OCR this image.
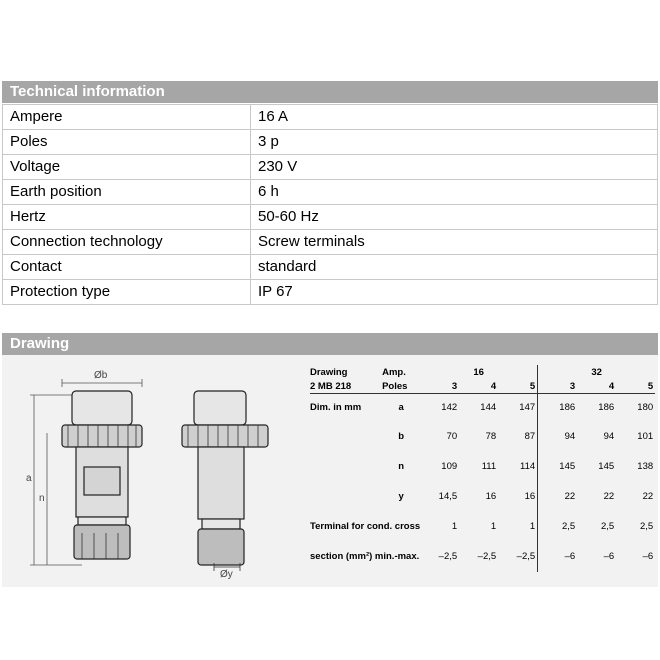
Technical information
Ampere	16 A
Poles	3 p
Voltage	230 V
Earth position	6 h
Hertz	50-60 Hz
Connection technology	Screw terminals
Contact	standard
Protection type	IP 67
Drawing
Øb
a
n
Øy
Drawing	Amp.	16			32		
2 MB 218	Poles	3	4	5	3	4	5
Dim. in mm	a	142	144	147	186	186	180
	b	70	78	87	94	94	101
	n	109	111	114	145	145	138
	y	14,5	16	16	22	22	22
Terminal for cond. cross		1	1	1	2,5	2,5	2,5
section (mm²) min.-max.		–2,5	–2,5	–2,5	–6	–6	–6
